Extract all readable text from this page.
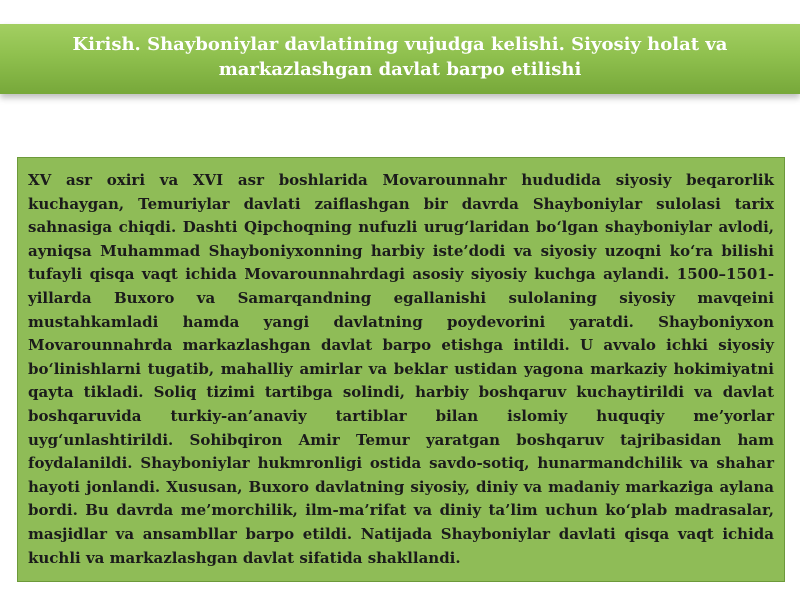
Kirish. Shayboniylar davlatining vujudga kelishi. Siyosiy holat va markazlashgan davlat barpo etilishi

XV asr oxiri va XVI asr boshlarida Movarounnahr hududida siyosiy beqarorlik kuchaygan, Temuriylar davlati zaiflashgan bir davrda Shayboniylar sulolasi tarix sahnasiga chiqdi. Dashti Qipchoqning nufuzli urug‘laridan bo‘lgan shayboniylar avlodi, ayniqsa Muhammad Shayboniyxonning harbiy iste’dodi va siyosiy uzoqni ko‘ra bilishi tufayli qisqa vaqt ichida Movarounnahrdagi asosiy siyosiy kuchga aylandi. 1500–1501-yillarda Buxoro va Samarqandning egallanishi sulolaning siyosiy mavqeini mustahkamladi hamda yangi davlatning poydevorini yaratdi. Shayboniyxon Movarounnahrda markazlashgan davlat barpo etishga intildi. U avvalo ichki siyosiy bo‘linishlarni tugatib, mahalliy amirlar va beklar ustidan yagona markaziy hokimiyatni qayta tikladi. Soliq tizimi tartibga solindi, harbiy boshqaruv kuchaytirildi va davlat boshqaruvida turkiy-an’anaviy tartiblar bilan islomiy huquqiy me’yorlar uyg‘unlashtirildi. Sohibqiron Amir Temur yaratgan boshqaruv tajribasidan ham foydalanildi. Shayboniylar hukmronligi ostida savdo-sotiq, hunarmandchilik va shahar hayoti jonlandi. Xususan, Buxoro davlatning siyosiy, diniy va madaniy markaziga aylana bordi. Bu davrda me’morchilik, ilm-ma’rifat va diniy ta’lim uchun ko‘plab madrasalar, masjidlar va ansambllar barpo etildi. Natijada Shayboniylar davlati qisqa vaqt ichida kuchli va markazlashgan davlat sifatida shakllandi.
